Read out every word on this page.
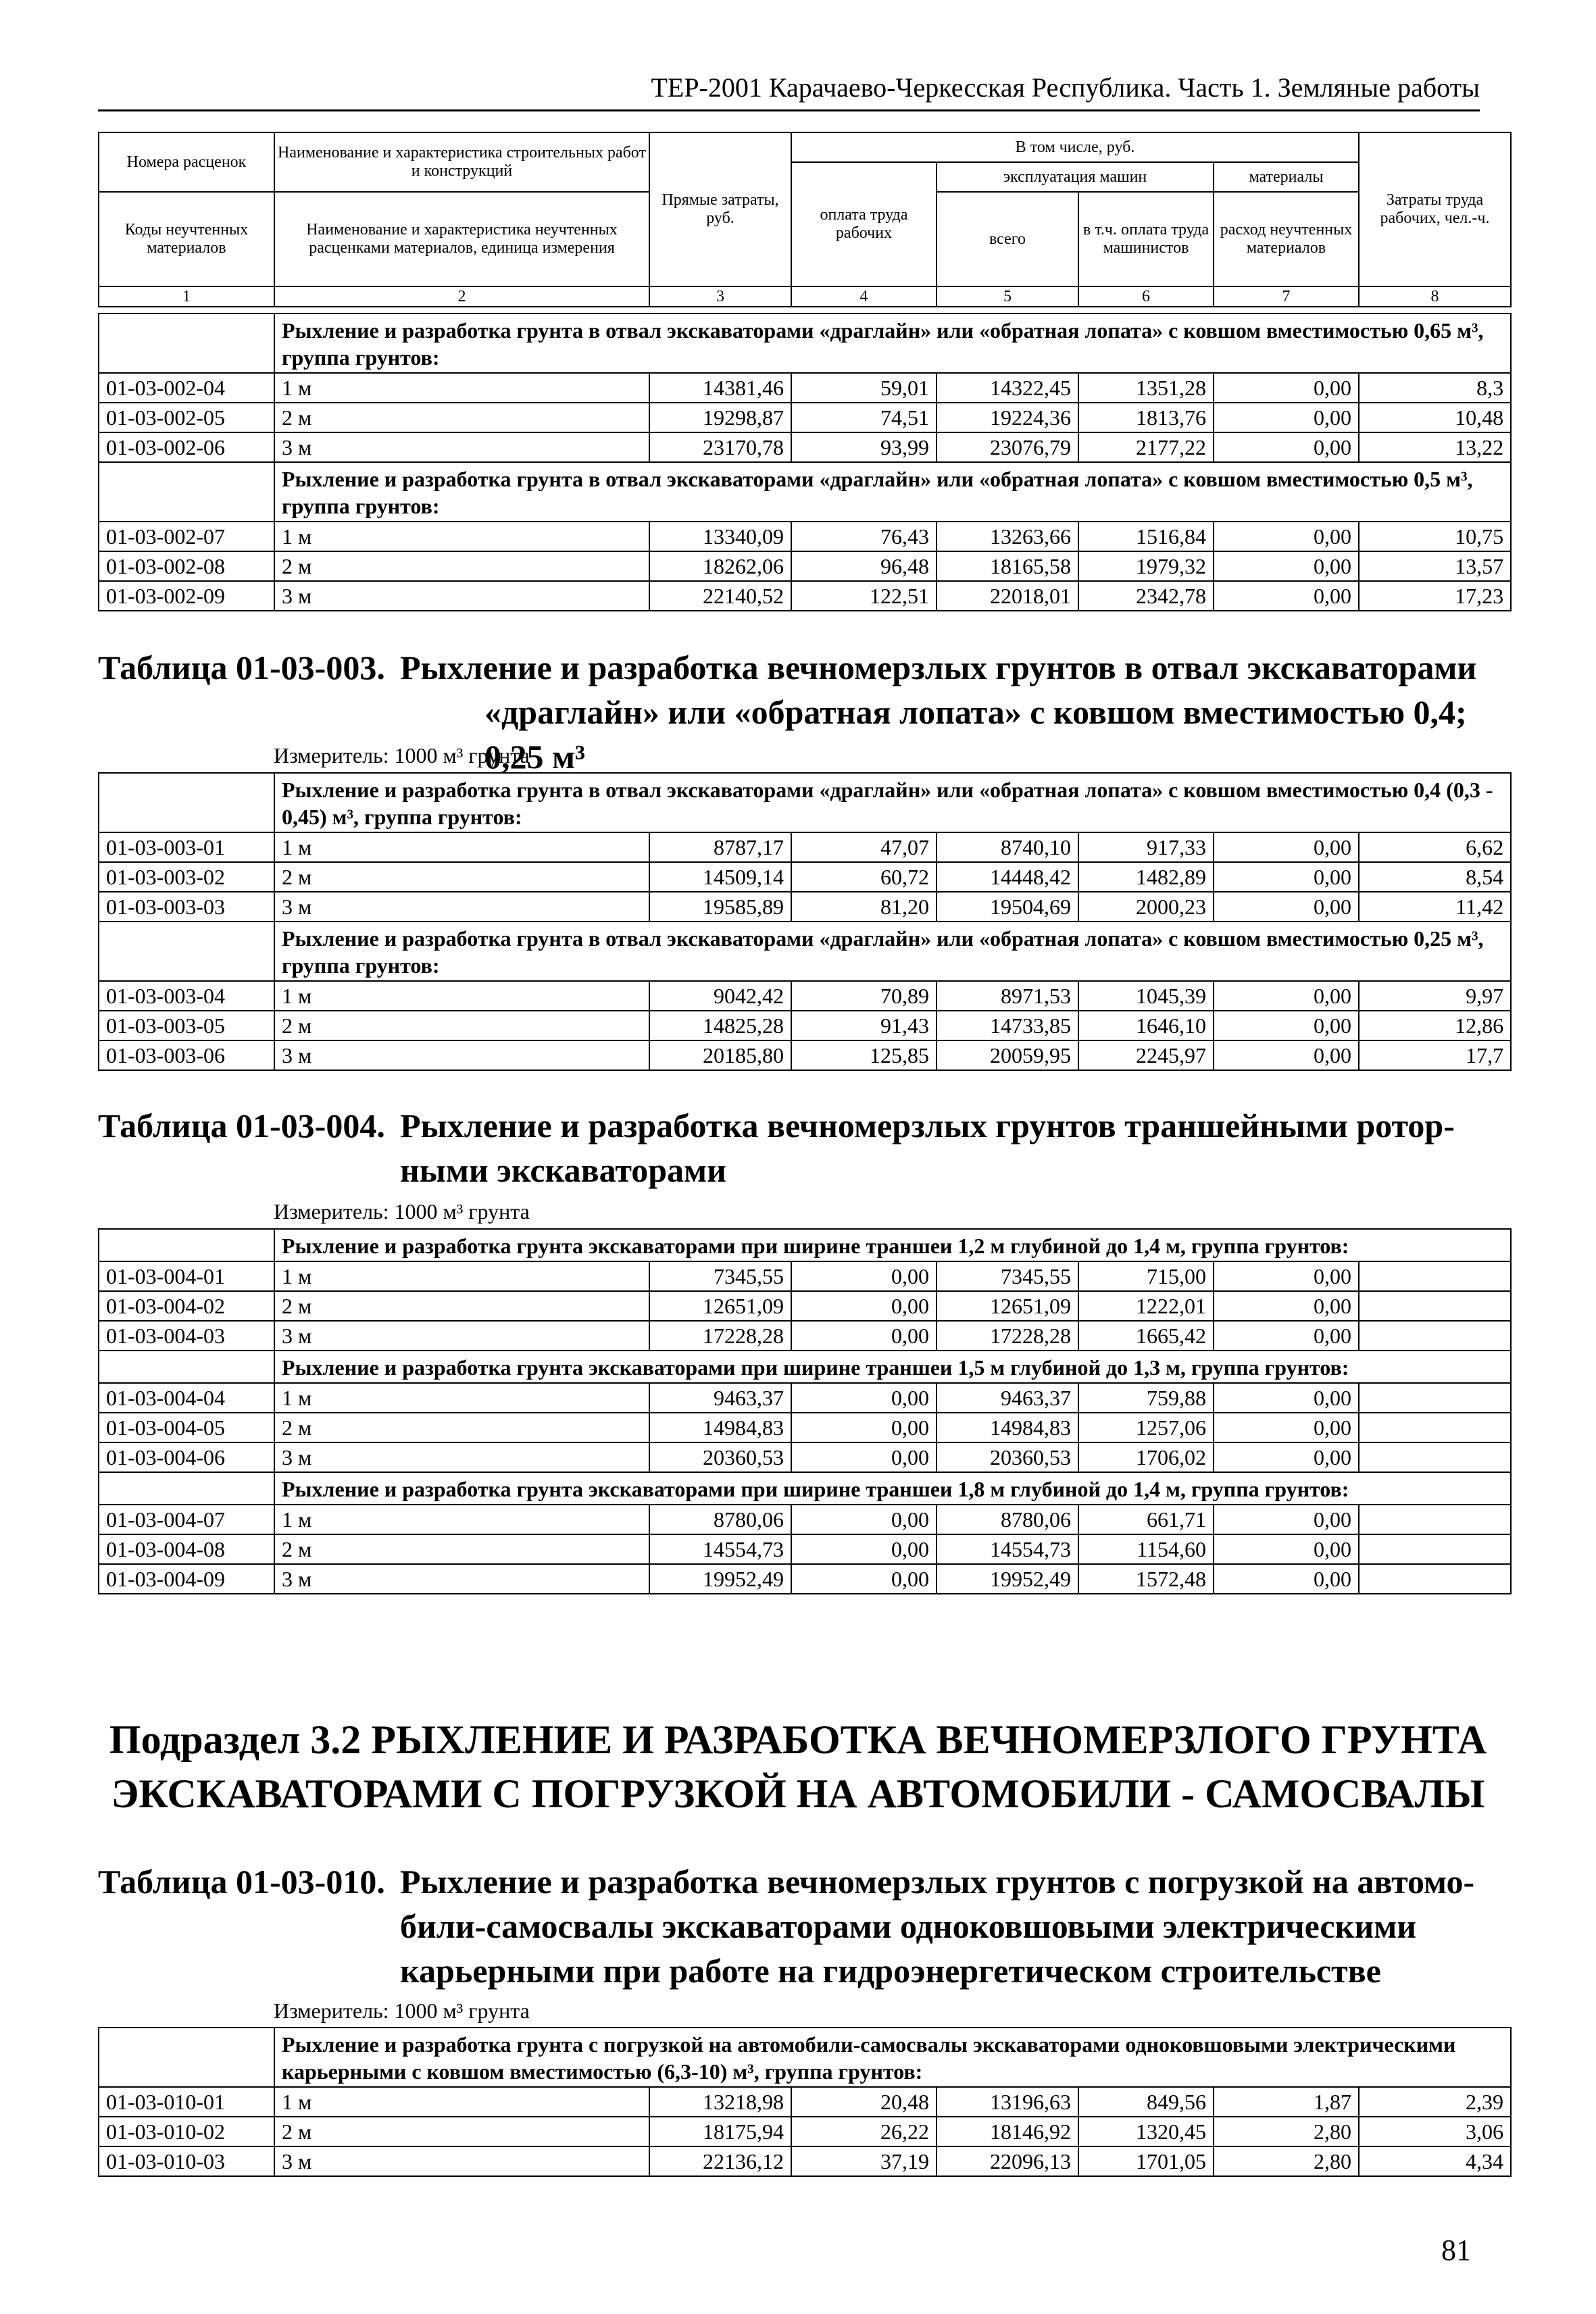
ТЕР-2001 Карачаево-Черкесская Республика. Часть 1. Земляные работы
Номера расценок	Наименование и характеристика строительных работ и конструкций	Прямые затраты, руб.	В том числе, руб.				Затраты труда рабочих, чел.-ч.
			оплата труда рабочих	эксплуатация машин		материалы	
Коды неучтенных материалов	Наименование и характеристика неучтенных расценками материалов, единица измерения			всего	в т.ч. оплата труда машинистов	расход неучтенных материалов	

1	2	3	4	5	6	7	8
	Рыхление и разработка грунта в отвал экскаваторами «драглайн» или «обратная лопата» с ковшом вместимостью 0,65 м³, группа грунтов:						
01-03-002-04	1 м	14381,46	59,01	14322,45	1351,28	0,00	8,3
01-03-002-05	2 м	19298,87	74,51	19224,36	1813,76	0,00	10,48
01-03-002-06	3 м	23170,78	93,99	23076,79	2177,22	0,00	13,22
	Рыхление и разработка грунта в отвал экскаваторами «драглайн» или «обратная лопата» с ковшом вместимостью 0,5 м³, группа грунтов:						
01-03-002-07	1 м	13340,09	76,43	13263,66	1516,84	0,00	10,75
01-03-002-08	2 м	18262,06	96,48	18165,58	1979,32	0,00	13,57
01-03-002-09	3 м	22140,52	122,51	22018,01	2342,78	0,00	17,23
Таблица 01-03-003. Рыхление и разработка вечномерзлых грунтов в отвал экскаваторами
«драглайн» или «обратная лопата» с ковшом вместимостью 0,4; 0,25 м³
Измеритель: 1000 м³ грунта
	Рыхление и разработка грунта в отвал экскаваторами «драглайн» или «обратная лопата» с ковшом вместимостью 0,4 (0,3 - 0,45) м³, группа грунтов:						
01-03-003-01	1 м	8787,17	47,07	8740,10	917,33	0,00	6,62
01-03-003-02	2 м	14509,14	60,72	14448,42	1482,89	0,00	8,54
01-03-003-03	3 м	19585,89	81,20	19504,69	2000,23	0,00	11,42
	Рыхление и разработка грунта в отвал экскаваторами «драглайн» или «обратная лопата» с ковшом вместимостью 0,25 м³, группа грунтов:						
01-03-003-04	1 м	9042,42	70,89	8971,53	1045,39	0,00	9,97
01-03-003-05	2 м	14825,28	91,43	14733,85	1646,10	0,00	12,86
01-03-003-06	3 м	20185,80	125,85	20059,95	2245,97	0,00	17,7
Таблица 01-03-004. Рыхление и разработка вечномерзлых грунтов траншейными ротор-
ными экскаваторами
Измеритель: 1000 м³ грунта
	Рыхление и разработка грунта экскаваторами при ширине траншеи 1,2 м глубиной до 1,4 м, группа грунтов:						
01-03-004-01	1 м	7345,55	0,00	7345,55	715,00	0,00	
01-03-004-02	2 м	12651,09	0,00	12651,09	1222,01	0,00	
01-03-004-03	3 м	17228,28	0,00	17228,28	1665,42	0,00	
	Рыхление и разработка грунта экскаваторами при ширине траншеи 1,5 м глубиной до 1,3 м, группа грунтов:						
01-03-004-04	1 м	9463,37	0,00	9463,37	759,88	0,00	
01-03-004-05	2 м	14984,83	0,00	14984,83	1257,06	0,00	
01-03-004-06	3 м	20360,53	0,00	20360,53	1706,02	0,00	
	Рыхление и разработка грунта экскаваторами при ширине траншеи 1,8 м глубиной до 1,4 м, группа грунтов:						
01-03-004-07	1 м	8780,06	0,00	8780,06	661,71	0,00	
01-03-004-08	2 м	14554,73	0,00	14554,73	1154,60	0,00	
01-03-004-09	3 м	19952,49	0,00	19952,49	1572,48	0,00	
Подраздел 3.2 РЫХЛЕНИЕ И РАЗРАБОТКА ВЕЧНОМЕРЗЛОГО ГРУНТА
ЭКСКАВАТОРАМИ С ПОГРУЗКОЙ НА АВТОМОБИЛИ - САМОСВАЛЫ
Таблица 01-03-010. Рыхление и разработка вечномерзлых грунтов с погрузкой на автомо-
били-самосвалы экскаваторами одноковшовыми электрическими
карьерными при работе на гидроэнергетическом строительстве
Измеритель: 1000 м³ грунта
	Рыхление и разработка грунта с погрузкой на автомобили-самосвалы экскаваторами одноковшовыми электрическими карьерными с ковшом вместимостью (6,3-10) м³, группа грунтов:						
01-03-010-01	1 м	13218,98	20,48	13196,63	849,56	1,87	2,39
01-03-010-02	2 м	18175,94	26,22	18146,92	1320,45	2,80	3,06
01-03-010-03	3 м	22136,12	37,19	22096,13	1701,05	2,80	4,34
81
